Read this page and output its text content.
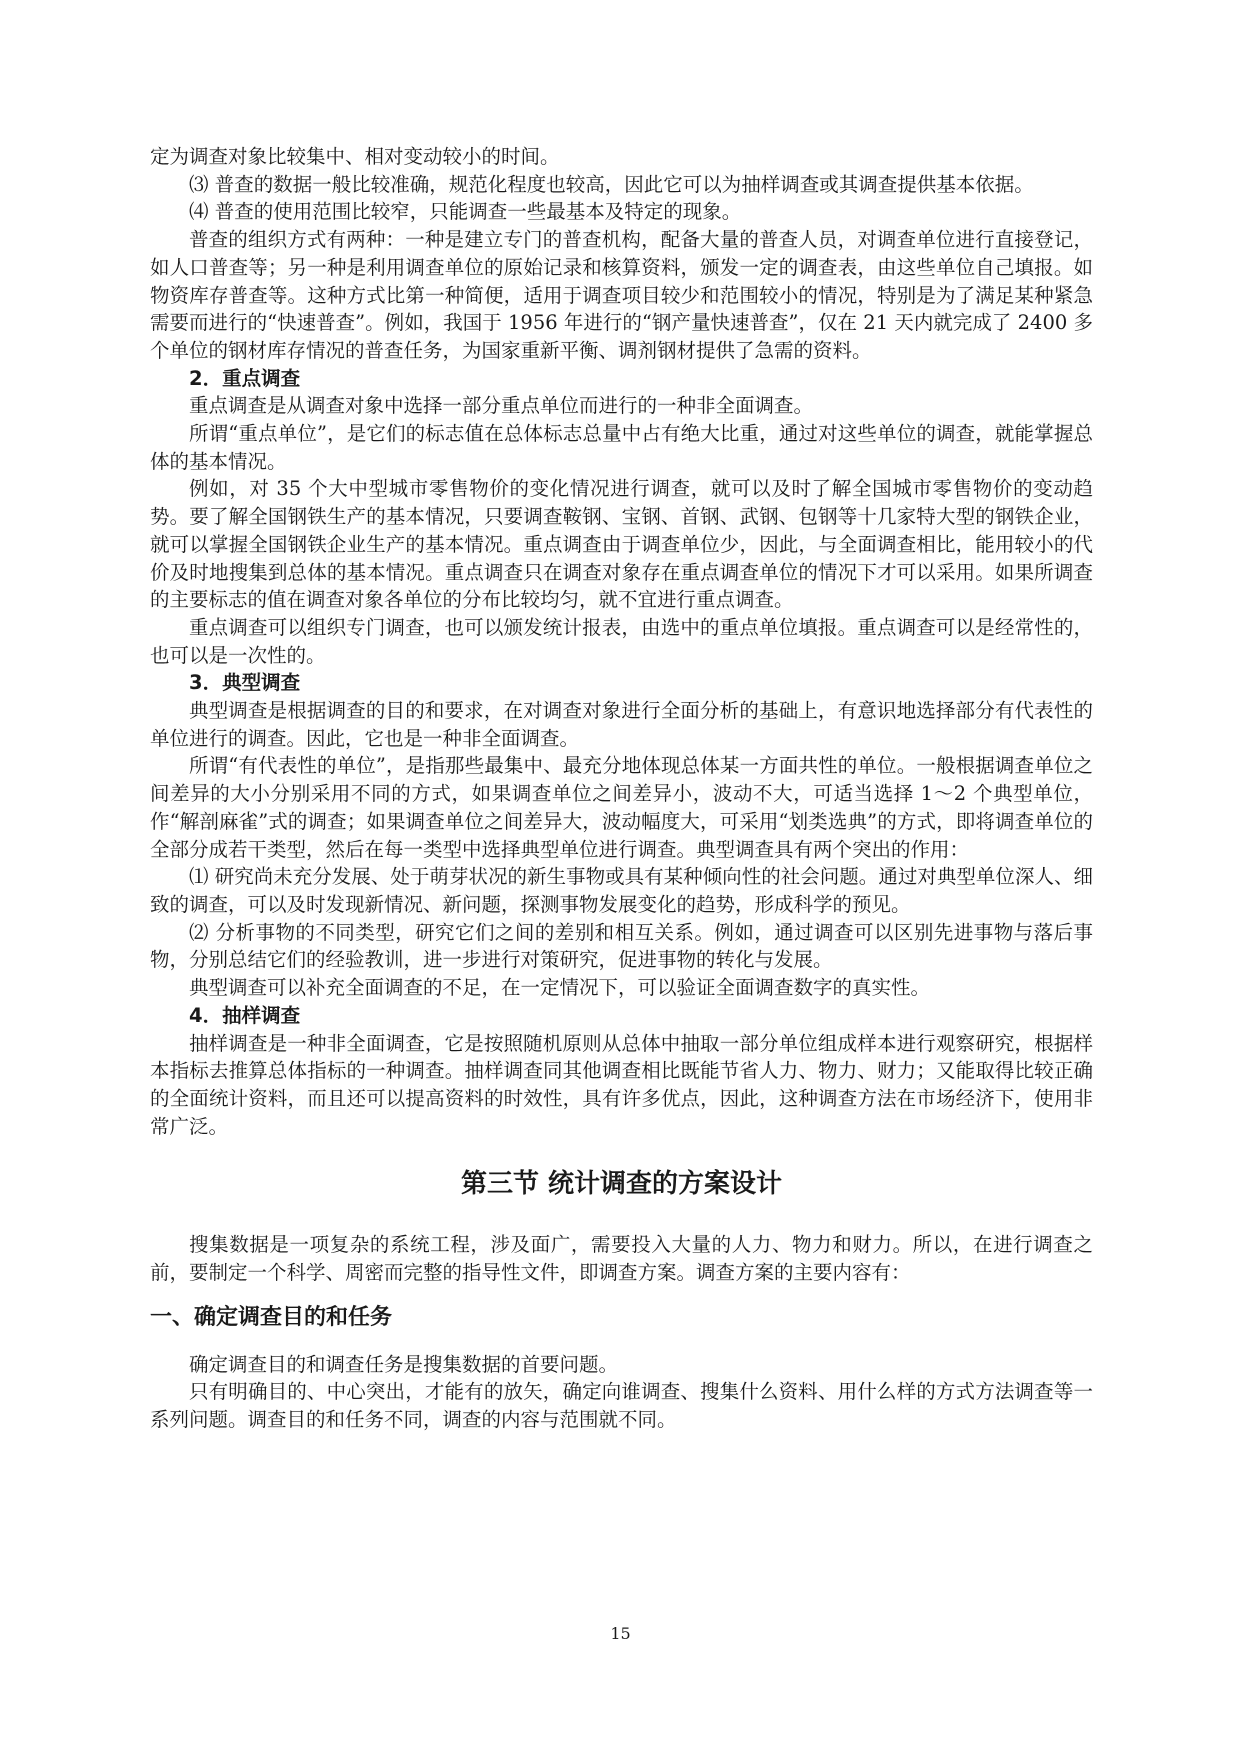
定为调查对象比较集中、相对变动较小的时间。

⑶ 普查的数据一般比较准确，规范化程度也较高，因此它可以为抽样调查或其调查提供基本依据。

⑷ 普查的使用范围比较窄，只能调查一些最基本及特定的现象。

普查的组织方式有两种：一种是建立专门的普查机构，配备大量的普查人员，对调查单位进行直接登记，如人口普查等；另一种是利用调查单位的原始记录和核算资料，颁发一定的调查表，由这些单位自己填报。如物资库存普查等。这种方式比第一种简便，适用于调查项目较少和范围较小的情况，特别是为了满足某种紧急需要而进行的“快速普查”。例如，我国于 1956 年进行的“钢产量快速普查”，仅在 21 天内就完成了 2400 多个单位的钢材库存情况的普查任务，为国家重新平衡、调剂钢材提供了急需的资料。

2．重点调查

重点调查是从调查对象中选择一部分重点单位而进行的一种非全面调查。

所谓“重点单位”，是它们的标志值在总体标志总量中占有绝大比重，通过对这些单位的调查，就能掌握总体的基本情况。

例如，对 35 个大中型城市零售物价的变化情况进行调查，就可以及时了解全国城市零售物价的变动趋势。要了解全国钢铁生产的基本情况，只要调查鞍钢、宝钢、首钢、武钢、包钢等十几家特大型的钢铁企业，就可以掌握全国钢铁企业生产的基本情况。重点调查由于调查单位少，因此，与全面调查相比，能用较小的代价及时地搜集到总体的基本情况。重点调查只在调查对象存在重点调查单位的情况下才可以采用。如果所调查的主要标志的值在调查对象各单位的分布比较均匀，就不宜进行重点调查。

重点调查可以组织专门调查，也可以颁发统计报表，由选中的重点单位填报。重点调查可以是经常性的，也可以是一次性的。

3．典型调查

典型调查是根据调查的目的和要求，在对调查对象进行全面分析的基础上，有意识地选择部分有代表性的单位进行的调查。因此，它也是一种非全面调查。

所谓“有代表性的单位”，是指那些最集中、最充分地体现总体某一方面共性的单位。一般根据调查单位之间差异的大小分别采用不同的方式，如果调查单位之间差异小，波动不大，可适当选择 1～2 个典型单位，作“解剖麻雀”式的调查；如果调查单位之间差异大，波动幅度大，可采用“划类选典”的方式，即将调查单位的全部分成若干类型，然后在每一类型中选择典型单位进行调查。典型调查具有两个突出的作用：

⑴ 研究尚未充分发展、处于萌芽状况的新生事物或具有某种倾向性的社会问题。通过对典型单位深人、细致的调查，可以及时发现新情况、新问题，探测事物发展变化的趋势，形成科学的预见。

⑵ 分析事物的不同类型，研究它们之间的差别和相互关系。例如，通过调查可以区别先进事物与落后事物，分别总结它们的经验教训，进一步进行对策研究，促进事物的转化与发展。

典型调查可以补充全面调查的不足，在一定情况下，可以验证全面调查数字的真实性。

4．抽样调查

抽样调查是一种非全面调查，它是按照随机原则从总体中抽取一部分单位组成样本进行观察研究，根据样本指标去推算总体指标的一种调查。抽样调查同其他调查相比既能节省人力、物力、财力；又能取得比较正确的全面统计资料，而且还可以提高资料的时效性，具有许多优点，因此，这种调查方法在市场经济下，使用非常广泛。

第三节 统计调查的方案设计

搜集数据是一项复杂的系统工程，涉及面广，需要投入大量的人力、物力和财力。所以，在进行调查之前，要制定一个科学、周密而完整的指导性文件，即调查方案。调查方案的主要内容有：

一、确定调查目的和任务

确定调查目的和调查任务是搜集数据的首要问题。

只有明确目的、中心突出，才能有的放矢，确定向谁调查、搜集什么资料、用什么样的方式方法调查等一系列问题。调查目的和任务不同，调查的内容与范围就不同。

15
